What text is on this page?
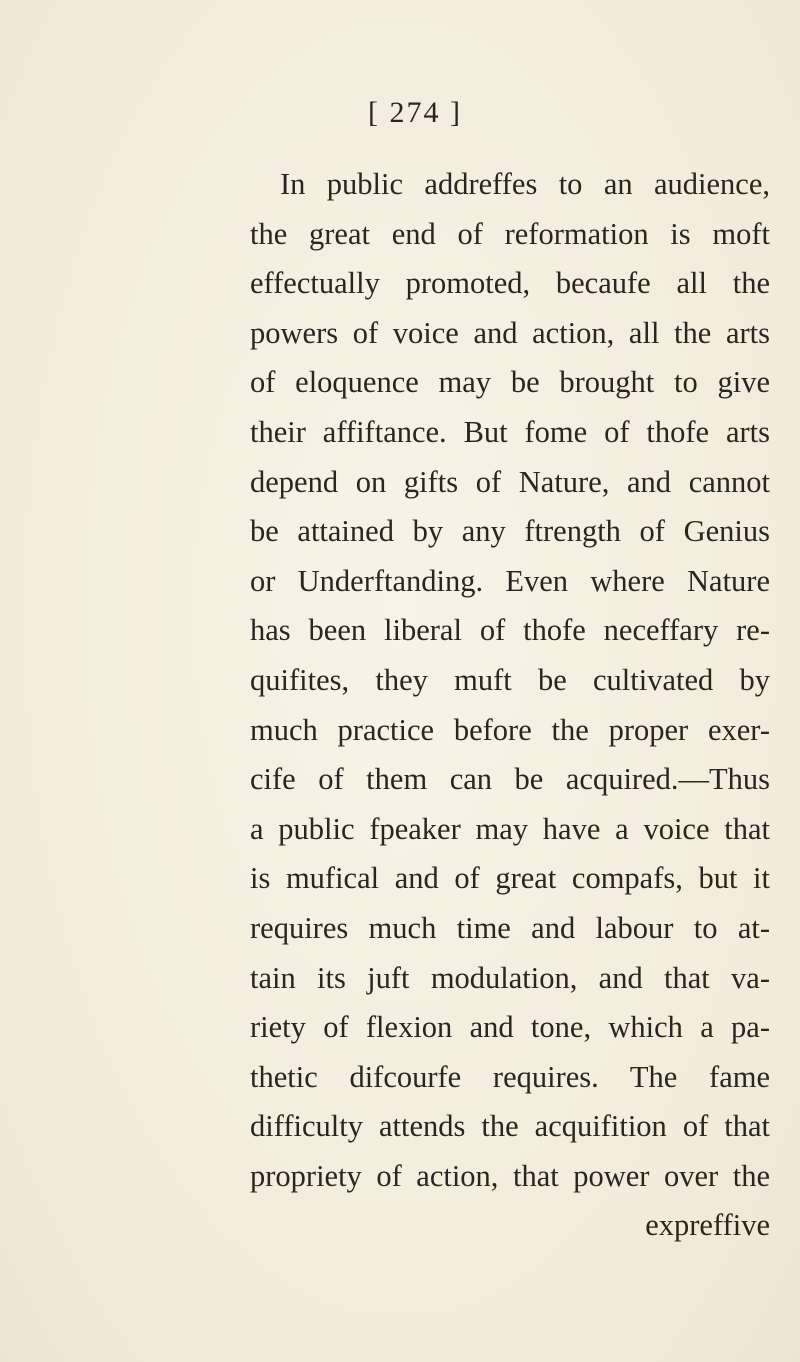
[ 274 ]
In public addreffes to an audience,
the great end of reformation is moft
effectually promoted, becaufe all the
powers of voice and action, all the arts
of eloquence may be brought to give
their affiftance. But fome of thofe arts
depend on gifts of Nature, and cannot
be attained by any ftrength of Genius
or Underftanding. Even where Nature
has been liberal of thofe neceffary re-
quifites, they muft be cultivated by
much practice before the proper exer-
cife of them can be acquired.—Thus
a public fpeaker may have a voice that
is mufical and of great compafs, but it
requires much time and labour to at-
tain its juft modulation, and that va-
riety of flexion and tone, which a pa-
thetic difcourfe requires. The fame
difficulty attends the acquifition of that
propriety of action, that power over the
expreffive
